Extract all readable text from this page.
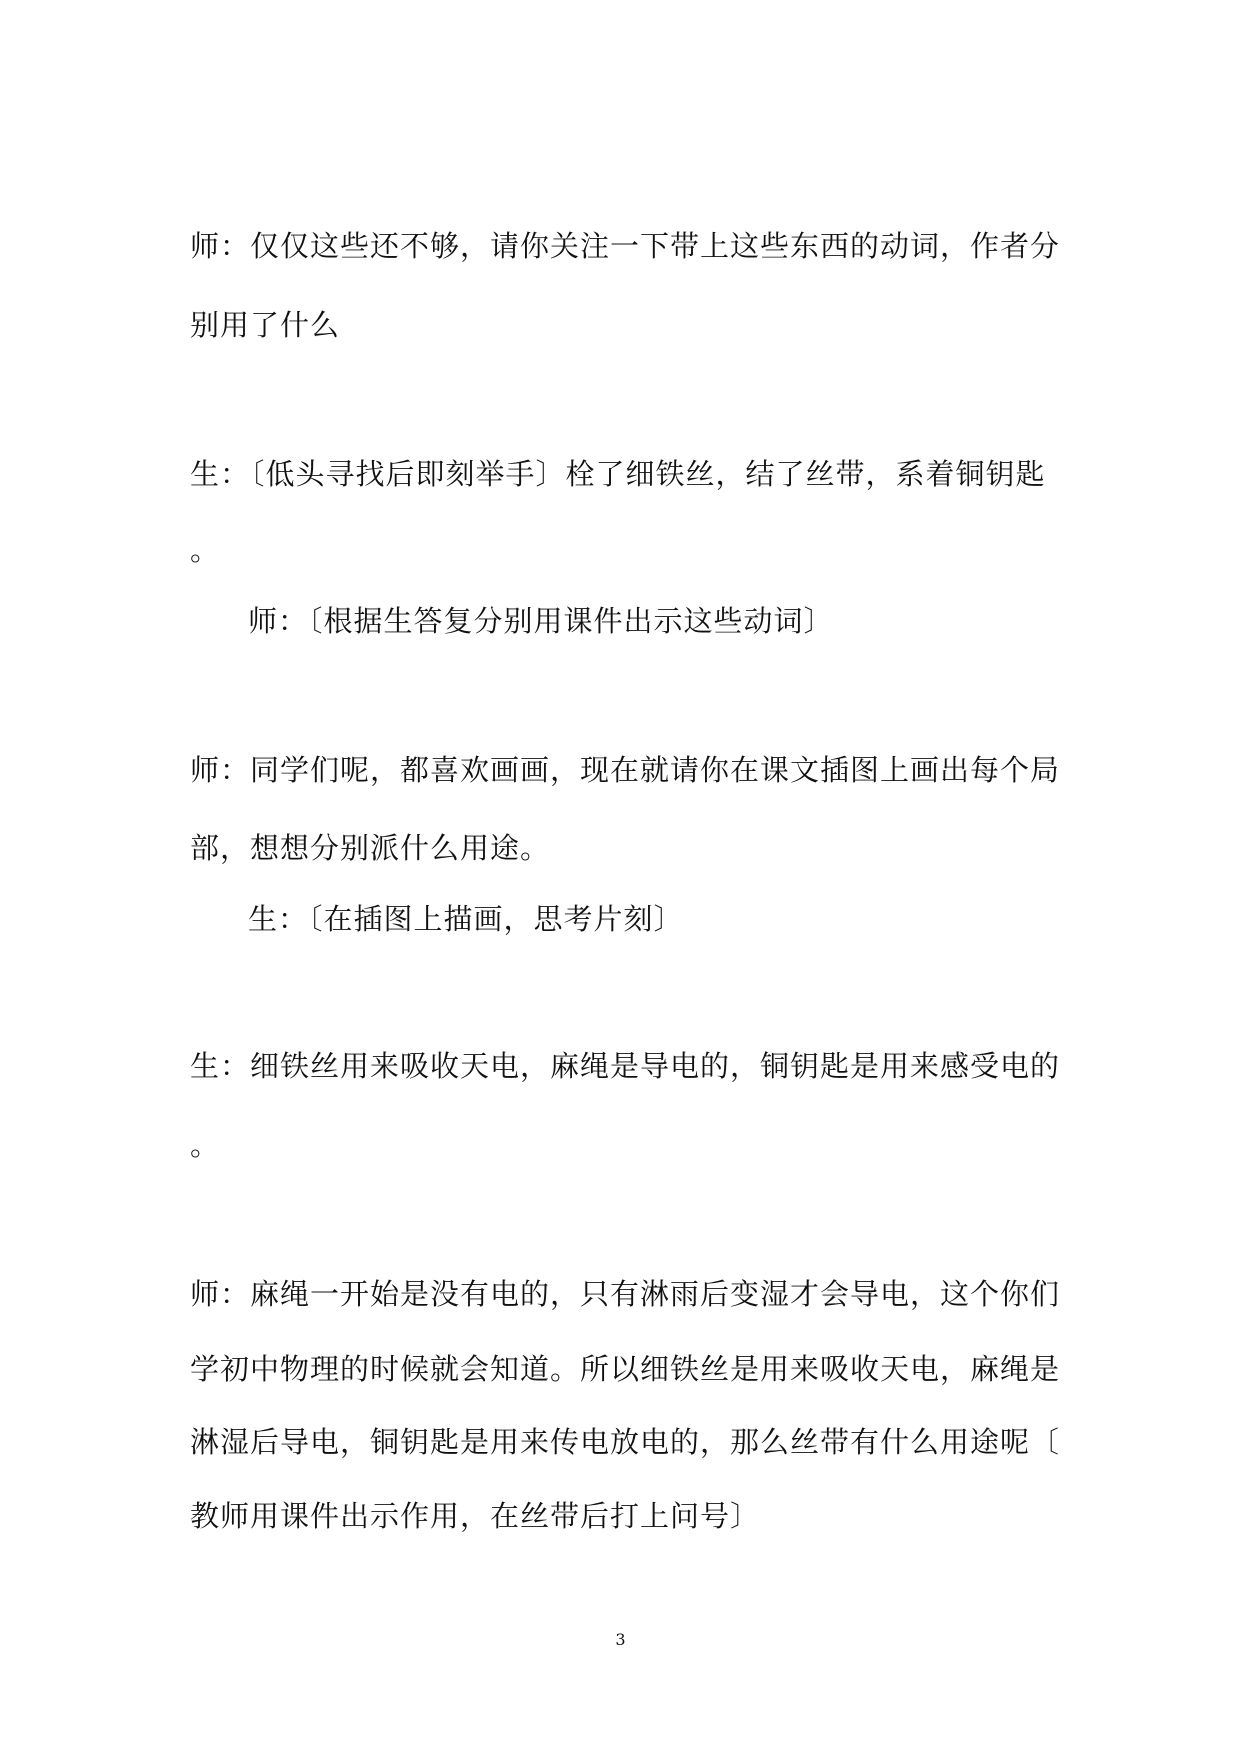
师：仅仅这些还不够，请你关注一下带上这些东西的动词，作者分
别用了什么
生：〔低头寻找后即刻举手〕栓了细铁丝，结了丝带，系着铜钥匙
。
师：〔根据生答复分别用课件出示这些动词〕
师：同学们呢，都喜欢画画，现在就请你在课文插图上画出每个局
部，想想分别派什么用途。
生：〔在插图上描画，思考片刻〕
生：细铁丝用来吸收天电，麻绳是导电的，铜钥匙是用来感受电的
。
师：麻绳一开始是没有电的，只有淋雨后变湿才会导电，这个你们
学初中物理的时候就会知道。所以细铁丝是用来吸收天电，麻绳是
淋湿后导电，铜钥匙是用来传电放电的，那么丝带有什么用途呢〔
教师用课件出示作用，在丝带后打上问号〕
3
